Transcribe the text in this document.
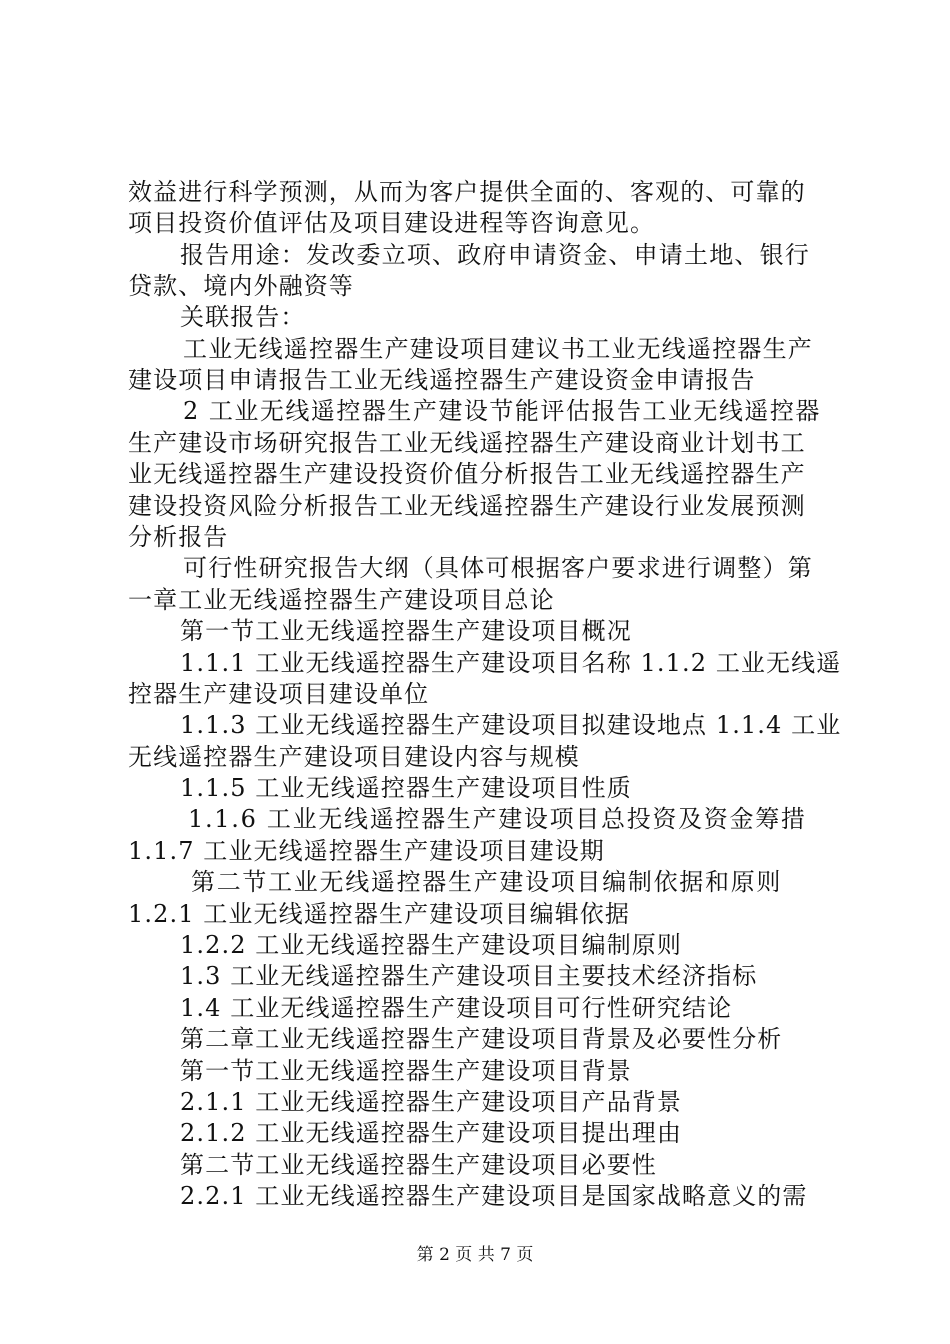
效益进行科学预测，从而为客户提供全面的、客观的、可靠的
项目投资价值评估及项目建设进程等咨询意见。
报告用途：发改委立项、政府申请资金、申请土地、银行
贷款、境内外融资等
关联报告：
工业无线遥控器生产建设项目建议书工业无线遥控器生产
建设项目申请报告工业无线遥控器生产建设资金申请报告
2 工业无线遥控器生产建设节能评估报告工业无线遥控器
生产建设市场研究报告工业无线遥控器生产建设商业计划书工
业无线遥控器生产建设投资价值分析报告工业无线遥控器生产
建设投资风险分析报告工业无线遥控器生产建设行业发展预测
分析报告
可行性研究报告大纲（具体可根据客户要求进行调整）第
一章工业无线遥控器生产建设项目总论
第一节工业无线遥控器生产建设项目概况
1.1.1 工业无线遥控器生产建设项目名称 1.1.2 工业无线遥
控器生产建设项目建设单位
1.1.3 工业无线遥控器生产建设项目拟建设地点 1.1.4 工业
无线遥控器生产建设项目建设内容与规模
1.1.5 工业无线遥控器生产建设项目性质
1.1.6 工业无线遥控器生产建设项目总投资及资金筹措
1.1.7 工业无线遥控器生产建设项目建设期
第二节工业无线遥控器生产建设项目编制依据和原则
1.2.1 工业无线遥控器生产建设项目编辑依据
1.2.2 工业无线遥控器生产建设项目编制原则
1.3 工业无线遥控器生产建设项目主要技术经济指标
1.4 工业无线遥控器生产建设项目可行性研究结论
第二章工业无线遥控器生产建设项目背景及必要性分析
第一节工业无线遥控器生产建设项目背景
2.1.1 工业无线遥控器生产建设项目产品背景
2.1.2 工业无线遥控器生产建设项目提出理由
第二节工业无线遥控器生产建设项目必要性
2.2.1 工业无线遥控器生产建设项目是国家战略意义的需
第 2 页 共 7 页
